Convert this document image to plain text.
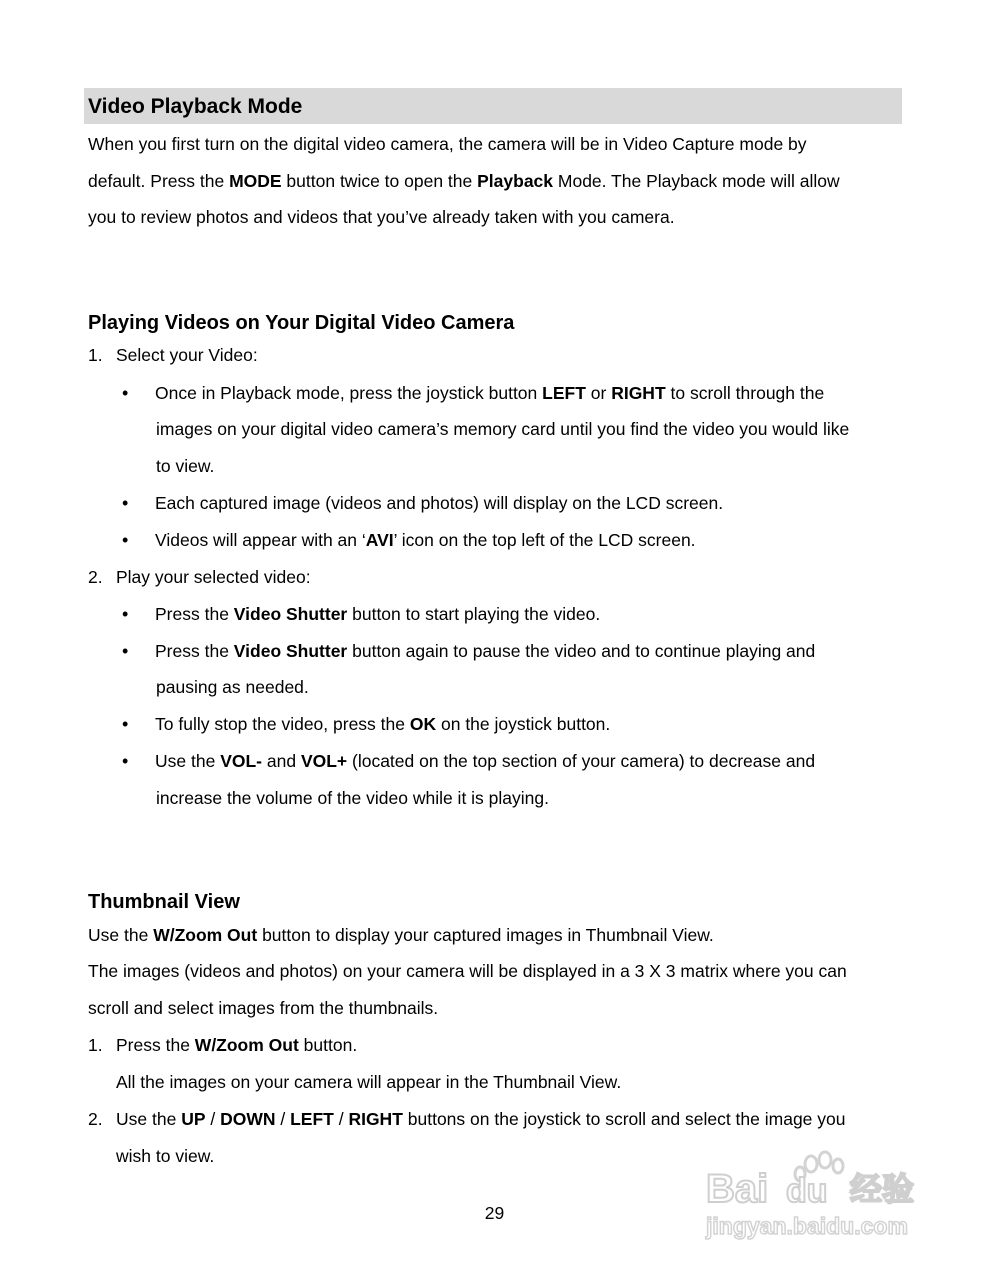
Video Playback Mode
When you first turn on the digital video camera, the camera will be in Video Capture mode by
default. Press the MODE button twice to open the Playback Mode. The Playback mode will allow
you to review photos and videos that you’ve already taken with you camera.
Playing Videos on Your Digital Video Camera
1. Select your Video:
• Once in Playback mode, press the joystick button LEFT or RIGHT to scroll through the
images on your digital video camera’s memory card until you find the video you would like
to view.
• Each captured image (videos and photos) will display on the LCD screen.
• Videos will appear with an ‘AVI’ icon on the top left of the LCD screen.
2. Play your selected video:
• Press the Video Shutter button to start playing the video.
• Press the Video Shutter button again to pause the video and to continue playing and
pausing as needed.
• To fully stop the video, press the OK on the joystick button.
• Use the VOL- and VOL+ (located on the top section of your camera) to decrease and
increase the volume of the video while it is playing.
Thumbnail View
Use the W/Zoom Out button to display your captured images in Thumbnail View.
The images (videos and photos) on your camera will be displayed in a 3 X 3 matrix where you can
scroll and select images from the thumbnails.
1. Press the W/Zoom Out button.
All the images on your camera will appear in the Thumbnail View.
2. Use the UP / DOWN / LEFT / RIGHT buttons on the joystick to scroll and select the image you
wish to view.
29
Bai du 经验
jingyan.baidu.com
